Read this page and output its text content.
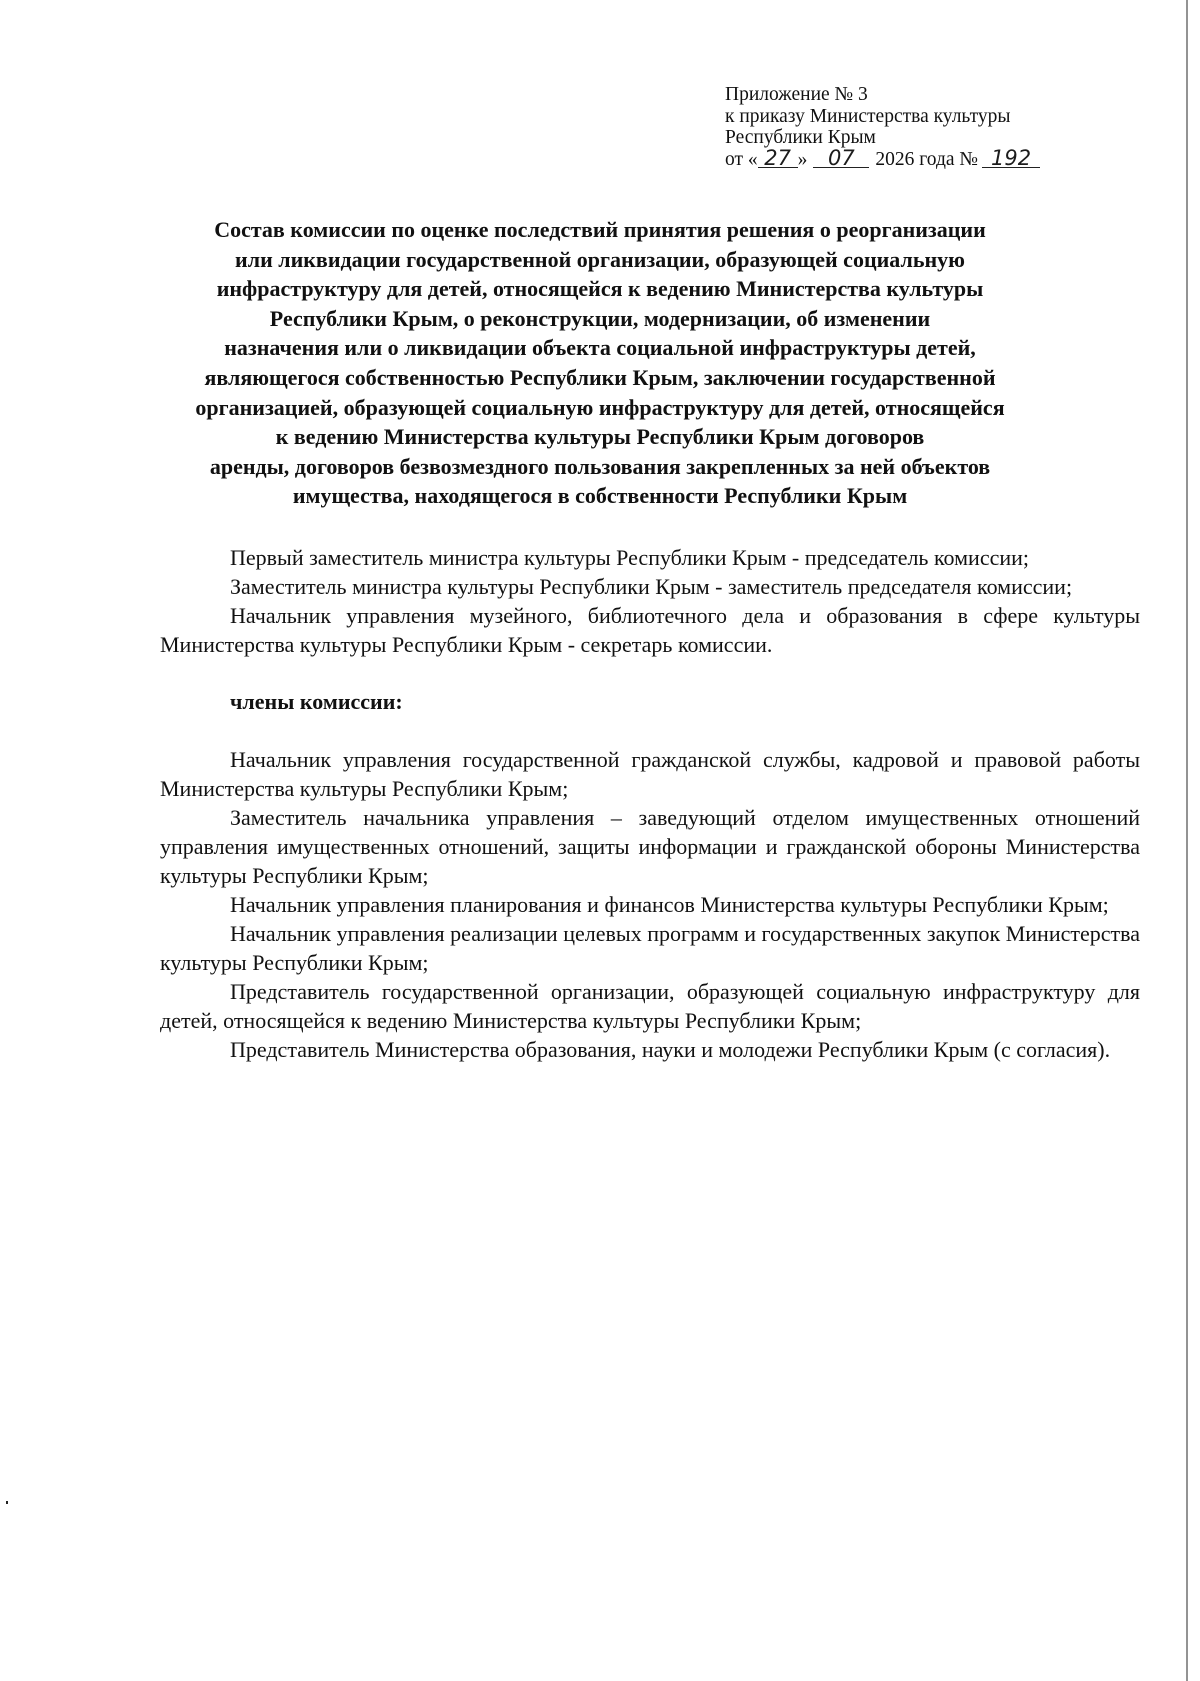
Приложение № 3
к приказу Министерства культуры
Республики Крым
от « 27 » 07 2026 года № 192
Состав комиссии по оценке последствий принятия решения о реорганизации
или ликвидации государственной организации, образующей социальную
инфраструктуру для детей, относящейся к ведению Министерства культуры
Республики Крым, о реконструкции, модернизации, об изменении
назначения или о ликвидации объекта социальной инфраструктуры детей,
являющегося собственностью Республики Крым, заключении государственной
организацией, образующей социальную инфраструктуру для детей, относящейся
к ведению Министерства культуры Республики Крым договоров
аренды, договоров безвозмездного пользования закрепленных за ней объектов
имущества, находящегося в собственности Республики Крым

Первый заместитель министра культуры Республики Крым - председатель комиссии;

Заместитель министра культуры Республики Крым - заместитель председателя комиссии;

Начальник управления музейного, библиотечного дела и образования в сфере культуры Министерства культуры Республики Крым - секретарь комиссии.

члены комиссии:

Начальник управления государственной гражданской службы, кадровой и правовой работы Министерства культуры Республики Крым;

Заместитель начальника управления – заведующий отделом имущественных отношений управления имущественных отношений, защиты информации и гражданской обороны Министерства культуры Республики Крым;

Начальник управления планирования и финансов Министерства культуры Республики Крым;

Начальник управления реализации целевых программ и государственных закупок Министерства культуры Республики Крым;

Представитель государственной организации, образующей социальную инфраструктуру для детей, относящейся к ведению Министерства культуры Республики Крым;

Представитель Министерства образования, науки и молодежи Республики Крым (с согласия).
